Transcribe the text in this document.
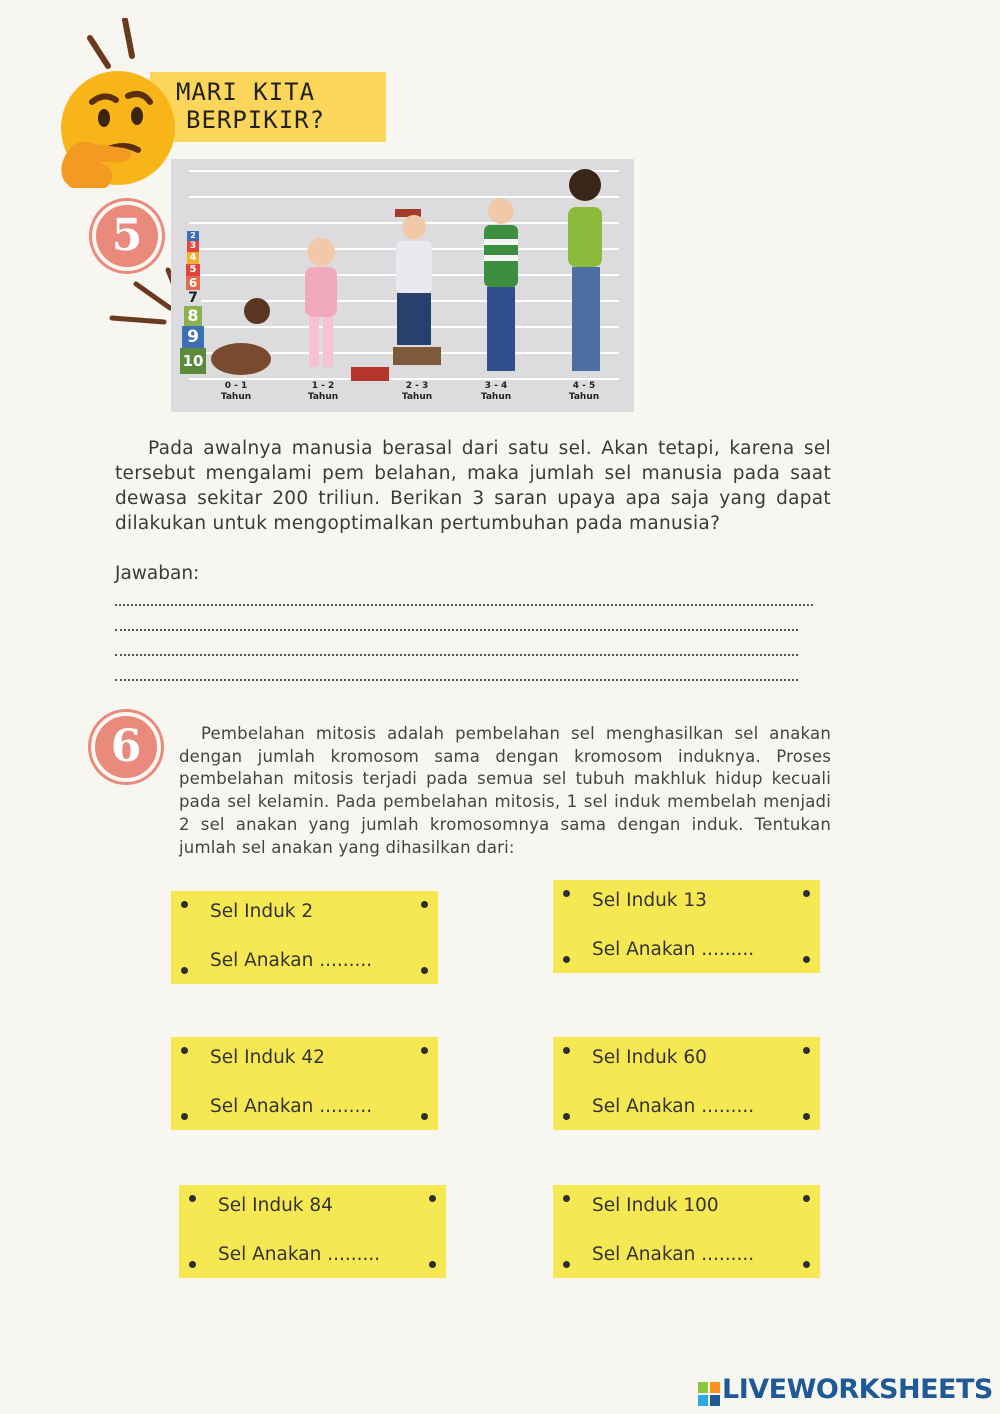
MARI KITA
BERPIKIR?
5	2
3
4
5
6
7
8
9
10
0 - 1
Tahun
1 - 2
Tahun
2 - 3
Tahun
3 - 4
Tahun
4 - 5
Tahun
Pada awalnya manusia berasal dari satu sel. Akan tetapi, karena sel tersebut mengalami pem belahan, maka jumlah sel manusia pada saat dewasa sekitar 200 triliun. Berikan 3 saran upaya apa saja yang dapat dilakukan untuk mengoptimalkan pertumbuhan pada manusia?
Jawaban:
6	Pembelahan mitosis adalah pembelahan sel menghasilkan sel anakan dengan jumlah kromosom sama dengan kromosom induknya. Proses pembelahan mitosis terjadi pada semua sel tubuh makhluk hidup kecuali pada sel kelamin. Pada pembelahan mitosis, 1 sel induk membelah menjadi 2 sel anakan yang jumlah kromosomnya sama dengan induk. Tentukan jumlah sel anakan yang dihasilkan dari:
Sel Induk 2
Sel Anakan .........
Sel Induk 13
Sel Anakan .........
Sel Induk 42
Sel Anakan .........
Sel Induk 60
Sel Anakan .........
Sel Induk 84
Sel Anakan .........
Sel Induk 100
Sel Anakan .........
LIVEWORKSHEETS
